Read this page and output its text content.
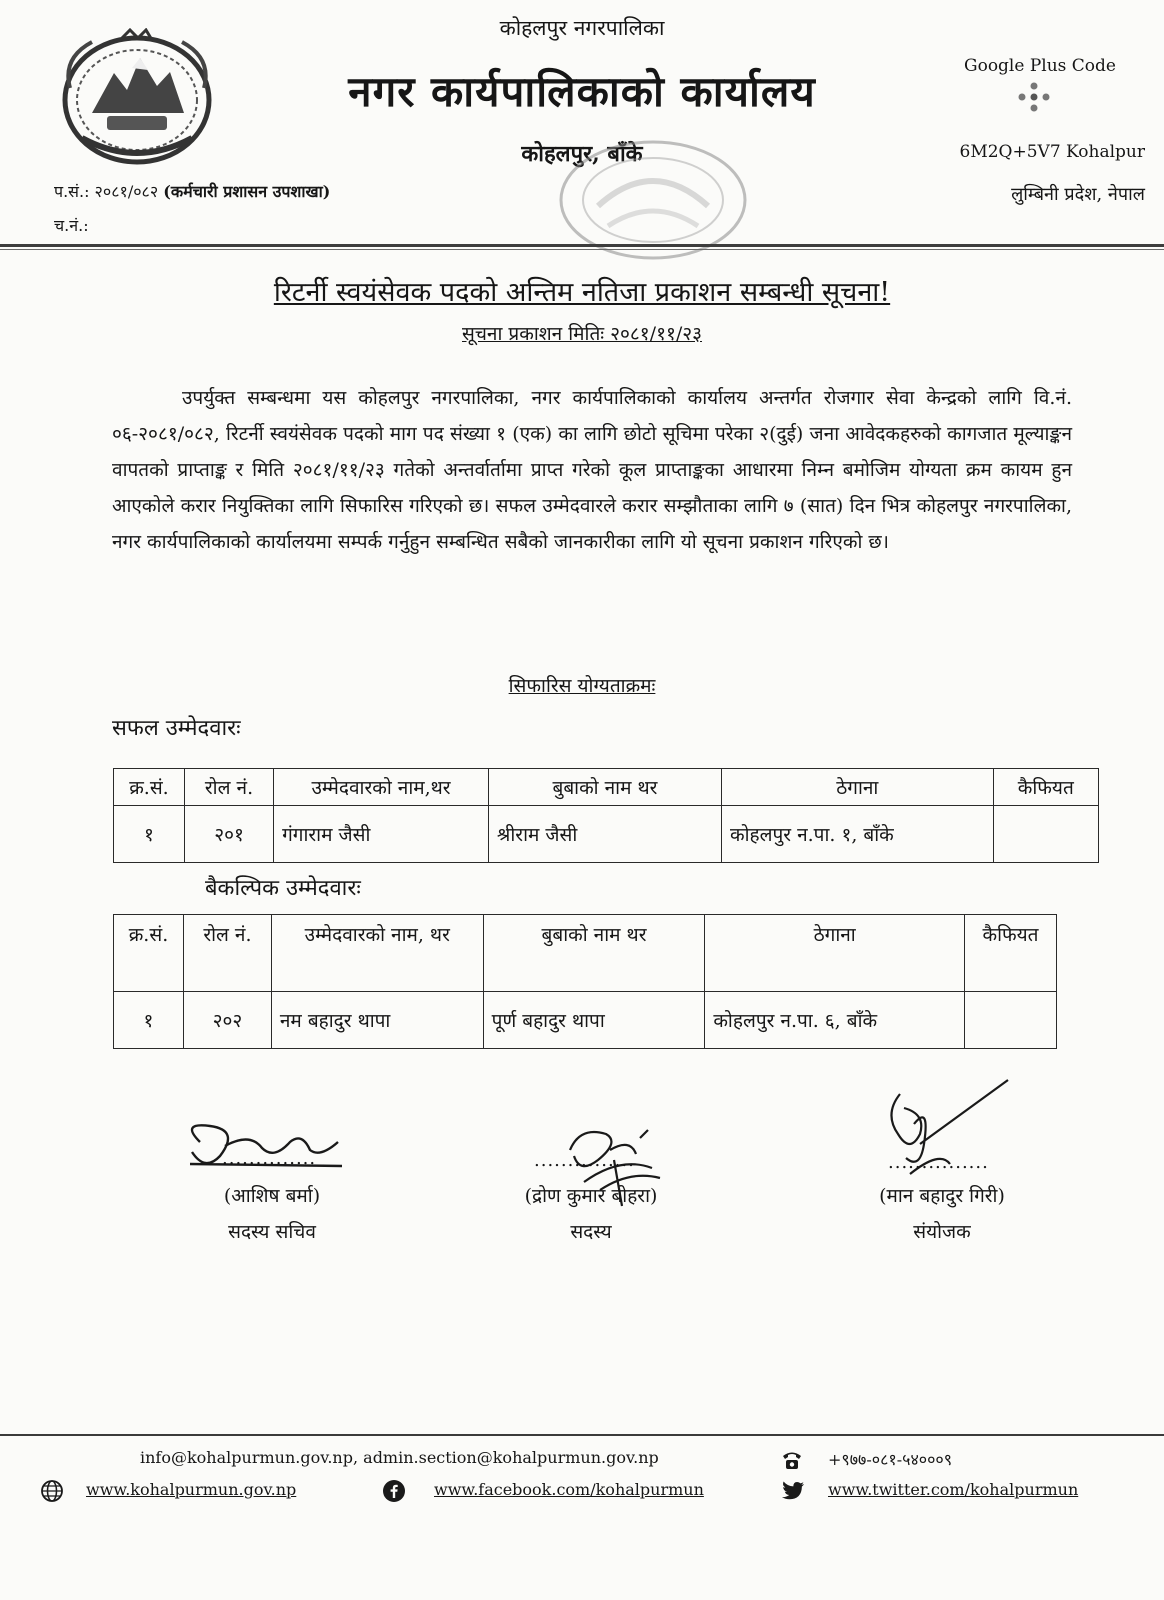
कोहलपुर नगरपालिका
नगर कार्यपालिकाको कार्यालय
कोहलपुर, बाँके
Google Plus Code
6M2Q+5V7 Kohalpur
लुम्बिनी प्रदेश, नेपाल
प.सं.: २०८१/०८२ (कर्मचारी प्रशासन उपशाखा)
च.नं.:
रिटर्नी स्वयंसेवक पदको अन्तिम नतिजा प्रकाशन सम्बन्धी सूचना!
सूचना प्रकाशन मितिः २०८१/११/२३
उपर्युक्त सम्बन्धमा यस कोहलपुर नगरपालिका, नगर कार्यपालिकाको कार्यालय अन्तर्गत रोजगार सेवा केन्द्रको लागि वि.नं. ०६-२०८१/०८२, रिटर्नी स्वयंसेवक पदको माग पद संख्या १ (एक) का लागि छोटो सूचिमा परेका २(दुई) जना आवेदकहरुको कागजात मूल्याङ्कन वापतको प्राप्ताङ्क र मिति २०८१/११/२३ गतेको अन्तर्वार्तामा प्राप्त गरेको कूल प्राप्ताङ्कका आधारमा निम्न बमोजिम योग्यता क्रम कायम हुन आएकोले करार नियुक्तिका लागि सिफारिस गरिएको छ। सफल उम्मेदवारले करार सम्झौताका लागि ७ (सात) दिन भित्र कोहलपुर नगरपालिका, नगर कार्यपालिकाको कार्यालयमा सम्पर्क गर्नुहुन सम्बन्धित सबैको जानकारीका लागि यो सूचना प्रकाशन गरिएको छ।
सिफारिस योग्यताक्रमः
सफल उम्मेदवारः
क्र.सं.	रोल नं.	उम्मेदवारको नाम,थर	बुबाको नाम थर	ठेगाना	कैफियत
१	२०१	गंगाराम जैसी	श्रीराम जैसी	कोहलपुर न.पा. १, बाँके	
बैकल्पिक उम्मेदवारः
क्र.सं.	रोल नं.	उम्मेदवारको नाम, थर	बुबाको नाम थर	ठेगाना	कैफियत
१	२०२	नम बहादुर थापा	पूर्ण बहादुर थापा	कोहलपुर न.पा. ६, बाँके	
..............
(आशिष बर्मा)
सदस्य सचिव
...............
(द्रोण कुमार बोहरा)
सदस्य
...............
(मान बहादुर गिरी)
संयोजक
info@kohalpurmun.gov.np, admin.section@kohalpurmun.gov.np	+९७७-०८१-५४०००९
www.kohalpurmun.gov.np	www.facebook.com/kohalpurmun	www.twitter.com/kohalpurmun
